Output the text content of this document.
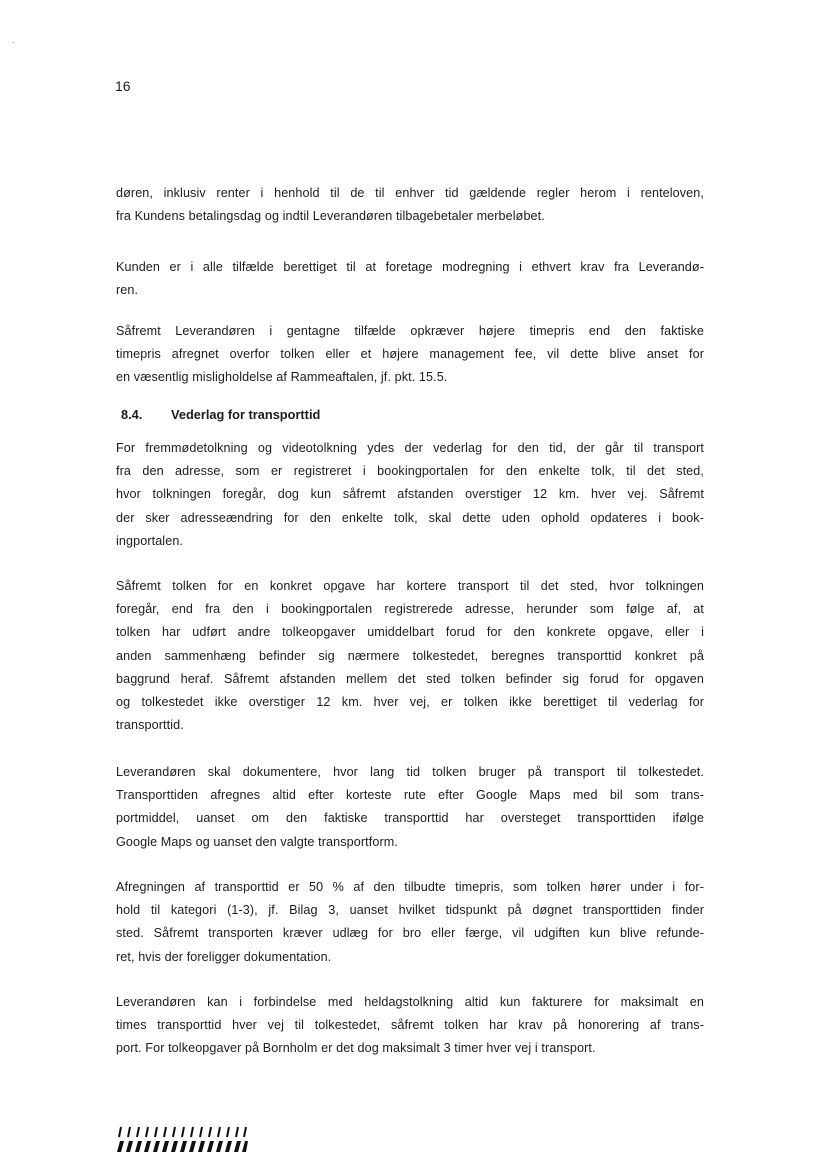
16
døren, inklusiv renter i henhold til de til enhver tid gældende regler herom i renteloven,
fra Kundens betalingsdag og indtil Leverandøren tilbagebetaler merbeløbet.
Kunden er i alle tilfælde berettiget til at foretage modregning i ethvert krav fra Leverandø-
ren.
Såfremt Leverandøren i gentagne tilfælde opkræver højere timepris end den faktiske
timepris afregnet overfor tolken eller et højere management fee, vil dette blive anset for
en væsentlig misligholdelse af Rammeaftalen, jf. pkt. 15.5.
8.4. Vederlag for transporttid
For fremmødetolkning og videotolkning ydes der vederlag for den tid, der går til transport
fra den adresse, som er registreret i bookingportalen for den enkelte tolk, til det sted,
hvor tolkningen foregår, dog kun såfremt afstanden overstiger 12 km. hver vej. Såfremt
der sker adresseændring for den enkelte tolk, skal dette uden ophold opdateres i book-
ingportalen.
Såfremt tolken for en konkret opgave har kortere transport til det sted, hvor tolkningen
foregår, end fra den i bookingportalen registrerede adresse, herunder som følge af, at
tolken har udført andre tolkeopgaver umiddelbart forud for den konkrete opgave, eller i
anden sammenhæng befinder sig nærmere tolkestedet, beregnes transporttid konkret på
baggrund heraf. Såfremt afstanden mellem det sted tolken befinder sig forud for opgaven
og tolkestedet ikke overstiger 12 km. hver vej, er tolken ikke berettiget til vederlag for
transporttid.
Leverandøren skal dokumentere, hvor lang tid tolken bruger på transport til tolkestedet.
Transporttiden afregnes altid efter korteste rute efter Google Maps med bil som trans-
portmiddel, uanset om den faktiske transporttid har oversteget transporttiden ifølge
Google Maps og uanset den valgte transportform.
Afregningen af transporttid er 50 % af den tilbudte timepris, som tolken hører under i for-
hold til kategori (1-3), jf. Bilag 3, uanset hvilket tidspunkt på døgnet transporttiden finder
sted. Såfremt transporten kræver udlæg for bro eller færge, vil udgiften kun blive refunde-
ret, hvis der foreligger dokumentation.
Leverandøren kan i forbindelse med heldagstolkning altid kun fakturere for maksimalt en
times transporttid hver vej til tolkestedet, såfremt tolken har krav på honorering af trans-
port. For tolkeopgaver på Bornholm er det dog maksimalt 3 timer hver vej i transport.
